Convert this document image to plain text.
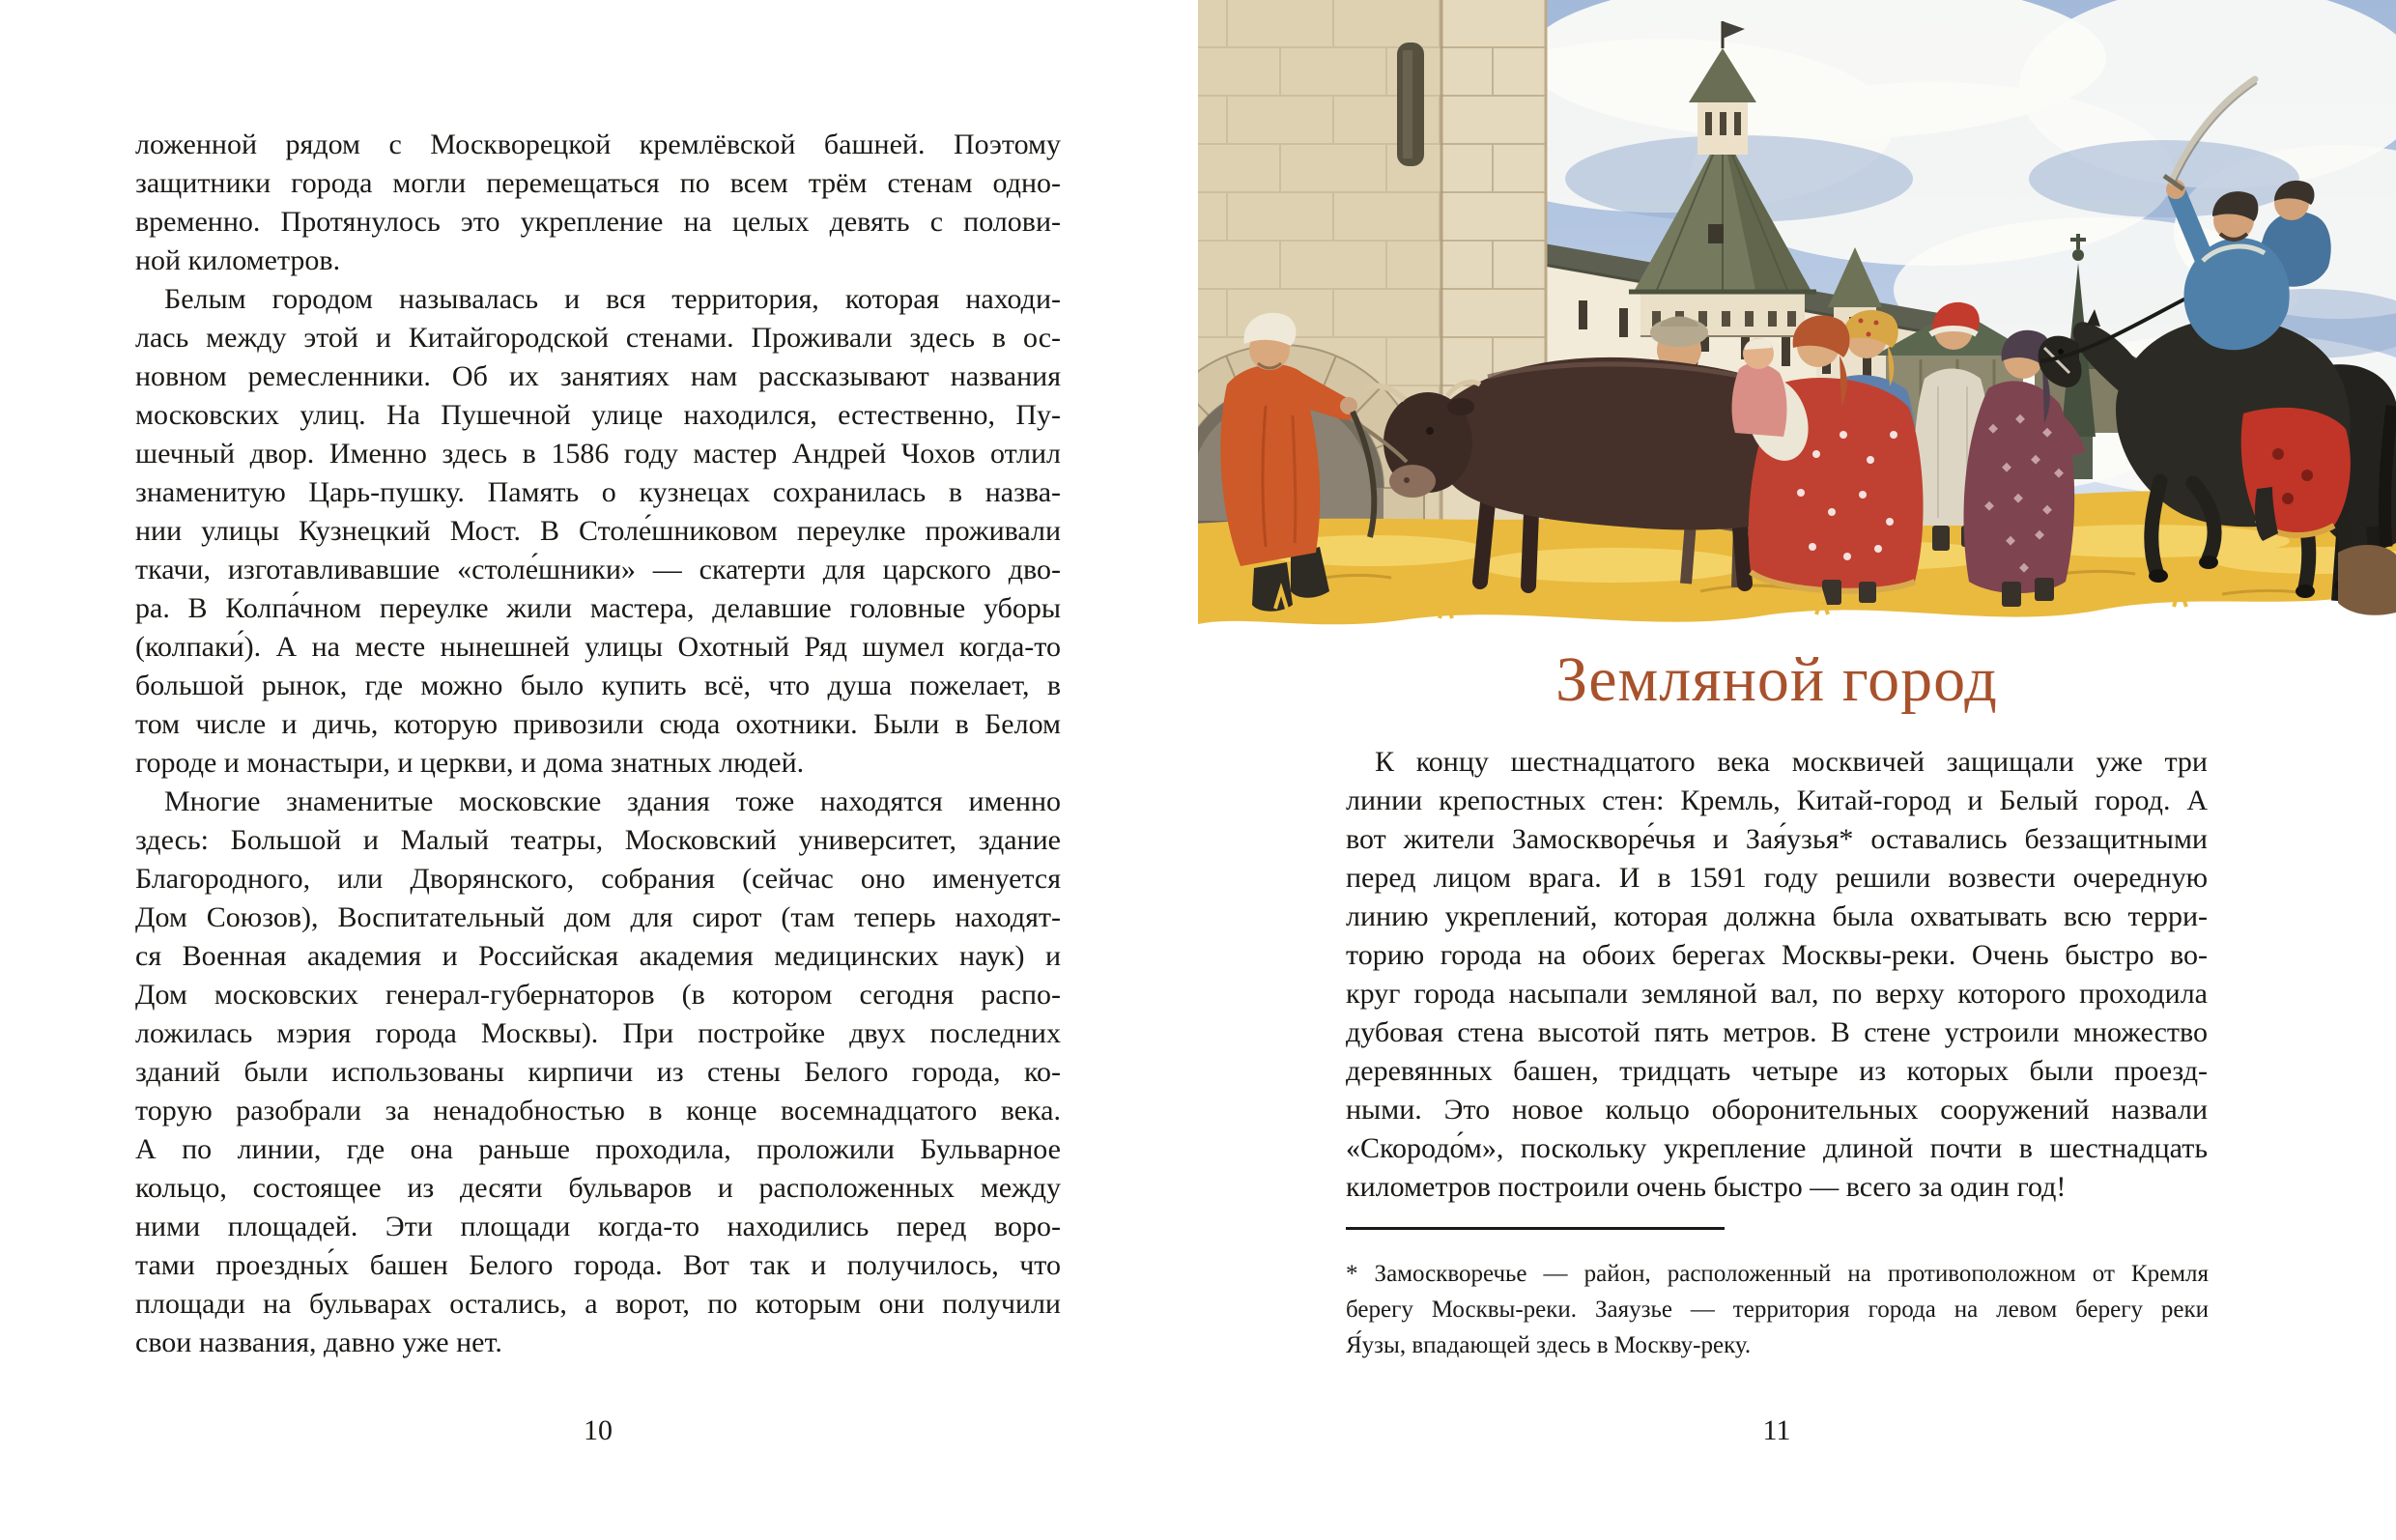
ложенной рядом с Москворецкой кремлёвской башней. Поэтому
защитники города могли перемещаться по всем трём стенам одно-
временно. Протянулось это укрепление на целых девять с полови-
ной километров.
Белым городом называлась и вся территория, которая находи-
лась между этой и Китайгородской стенами. Проживали здесь в ос-
новном ремесленники. Об их занятиях нам рассказывают названия
московских улиц. На Пушечной улице находился, естественно, Пу-
шечный двор. Именно здесь в 1586 году мастер Андрей Чохов отлил
знаменитую Царь-пушку. Память о кузнецах сохранилась в назва-
нии улицы Кузнецкий Мост. В Столе́шниковом переулке проживали
ткачи, изготавливавшие «столе́шники» — скатерти для царского дво-
ра. В Колпа́чном переулке жили мастера, делавшие головные уборы
(колпаки́). А на месте нынешней улицы Охотный Ряд шумел когда-то
большой рынок, где можно было купить всё, что душа пожелает, в
том числе и дичь, которую привозили сюда охотники. Были в Белом
городе и монастыри, и церкви, и дома знатных людей.
Многие знаменитые московские здания тоже находятся именно
здесь: Большой и Малый театры, Московский университет, здание
Благородного, или Дворянского, собрания (сейчас оно именуется
Дом Союзов), Воспитательный дом для сирот (там теперь находят-
ся Военная академия и Российская академия медицинских наук) и
Дом московских генерал-губернаторов (в котором сегодня распо-
ложилась мэрия города Москвы). При постройке двух последних
зданий были использованы кирпичи из стены Белого города, ко-
торую разобрали за ненадобностью в конце восемнадцатого века.
А по линии, где она раньше проходила, проложили Бульварное
кольцо, состоящее из десяти бульваров и расположенных между
ними площадей. Эти площади когда-то находились перед воро-
тами проездны́х башен Белого города. Вот так и получилось, что
площади на бульварах остались, а ворот, по которым они получили
свои названия, давно уже нет.
10
Земляной город
К концу шестнадцатого века москвичей защищали уже три
линии крепостных стен: Кремль, Китай-город и Белый город. А
вот жители Замоскворе́чья и Зая́узья* оставались беззащитными
перед лицом врага. И в 1591 году решили возвести очередную
линию укреплений, которая должна была охватывать всю терри-
торию города на обоих берегах Москвы-реки. Очень быстро во-
круг города насыпали земляной вал, по верху которого проходила
дубовая стена высотой пять метров. В стене устроили множество
деревянных башен, тридцать четыре из которых были проезд-
ными. Это новое кольцо оборонительных сооружений назвали
«Скородо́м», поскольку укрепление длиной почти в шестнадцать
километров построили очень быстро — всего за один год!
* Замоскворечье — район, расположенный на противоположном от Кремля
берегу Москвы-реки. Заяузье — территория города на левом берегу реки
Я́узы, впадающей здесь в Москву-реку.
11
